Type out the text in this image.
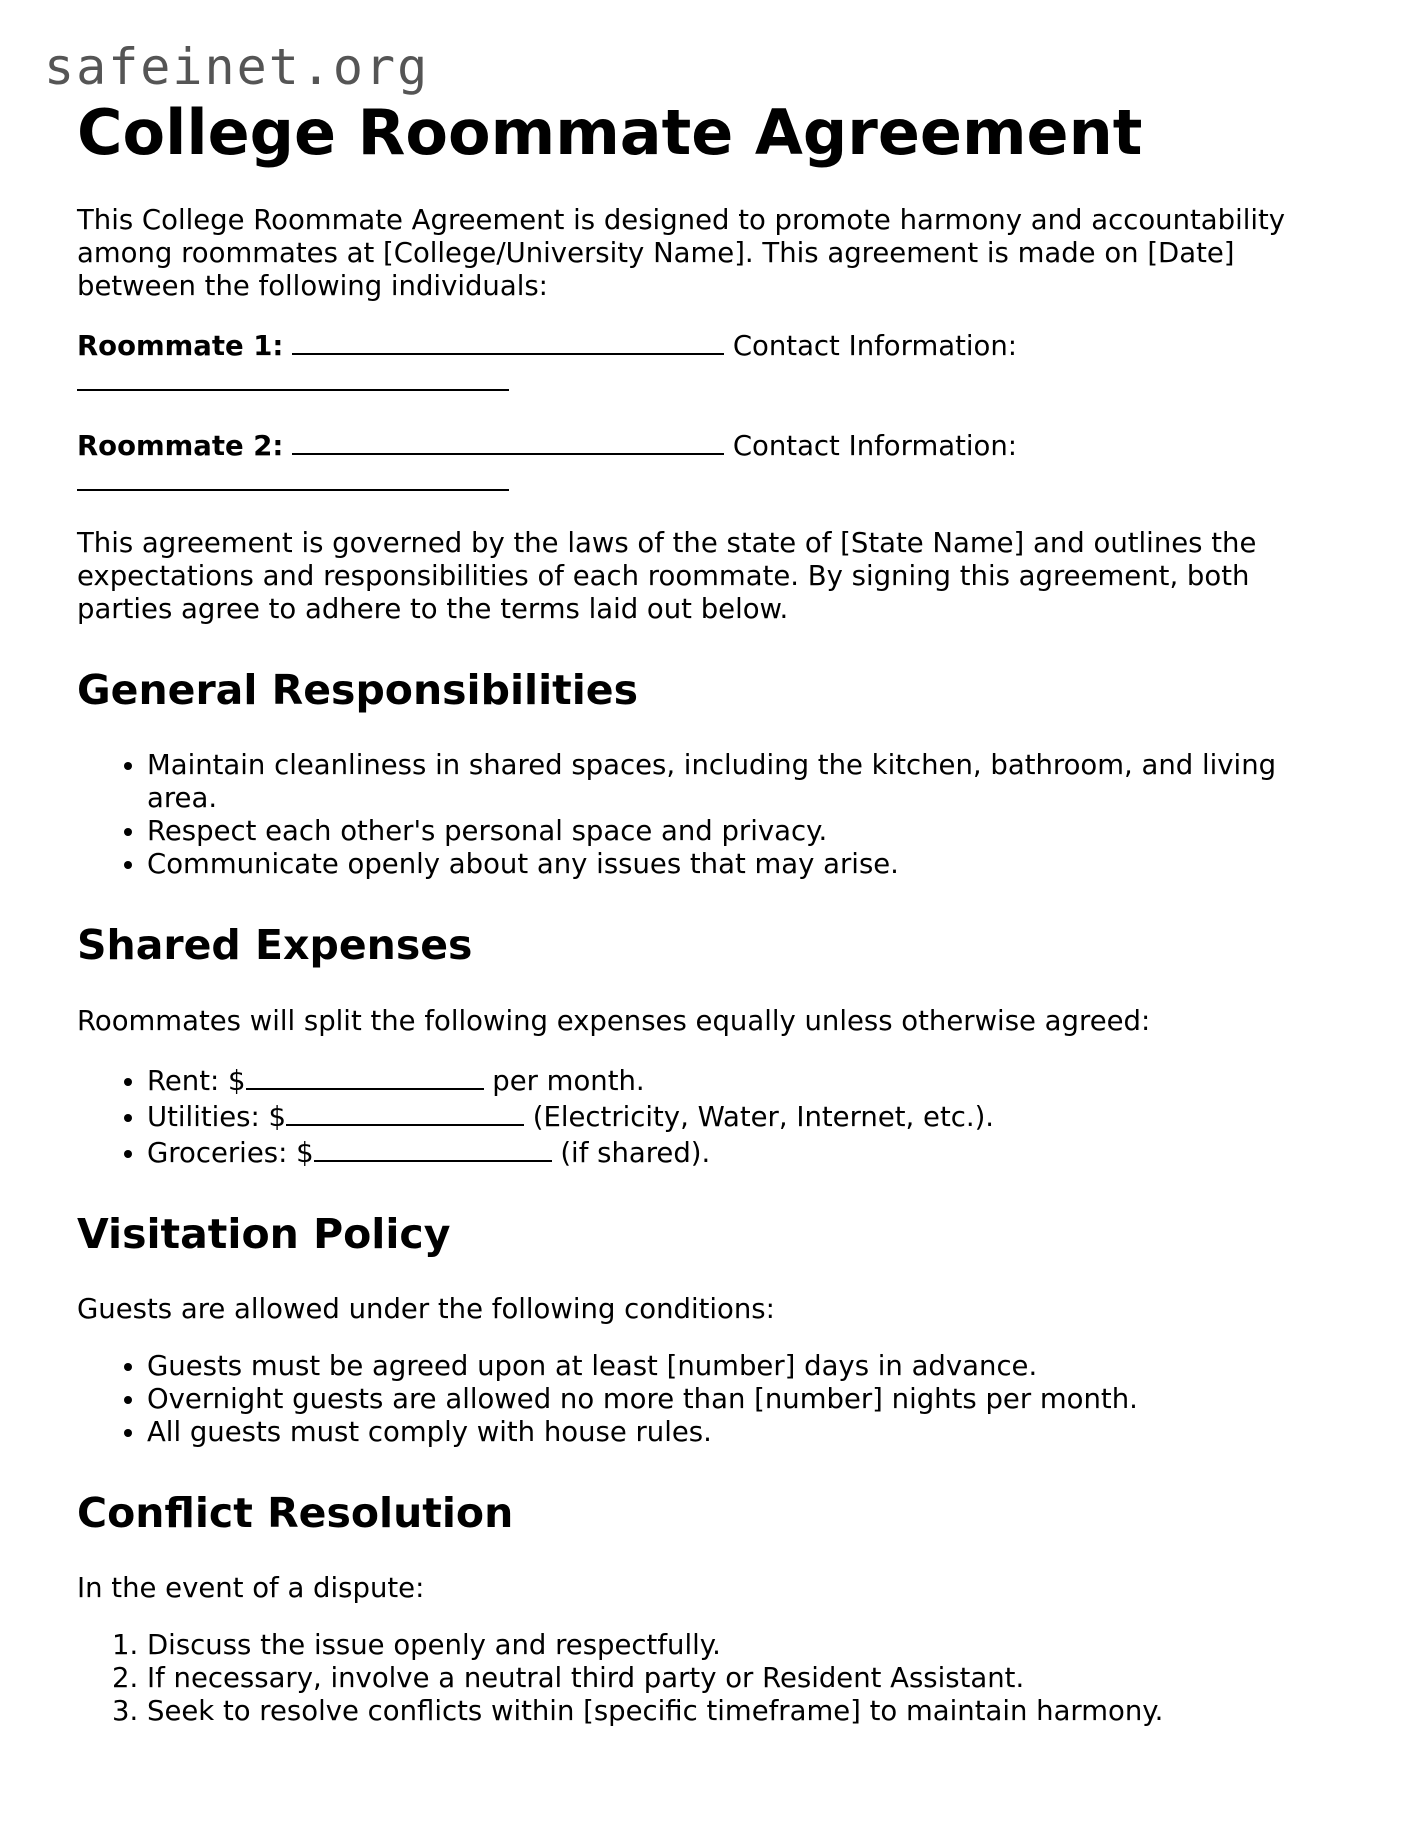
safeinet.org
College Roommate Agreement

This College Roommate Agreement is designed to promote harmony and accountability among roommates at [College/University Name]. This agreement is made on [Date] between the following individuals:

Roommate 1:	Contact Information:

Roommate 2:	Contact Information:

This agreement is governed by the laws of the state of [State Name] and outlines the expectations and responsibilities of each roommate. By signing this agreement, both parties agree to adhere to the terms laid out below.

General Responsibilities
• Maintain cleanliness in shared spaces, including the kitchen, bathroom, and living area.
• Respect each other's personal space and privacy.
• Communicate openly about any issues that may arise.
Shared Expenses

Roommates will split the following expenses equally unless otherwise agreed:

• Rent: $	per month.
• Utilities: $	(Electricity, Water, Internet, etc.).
• Groceries: $	(if shared).
Visitation Policy

Guests are allowed under the following conditions:

• Guests must be agreed upon at least [number] days in advance.
• Overnight guests are allowed no more than [number] nights per month.
• All guests must comply with house rules.
Conflict Resolution

In the event of a dispute:

1. Discuss the issue openly and respectfully.
2. If necessary, involve a neutral third party or Resident Assistant.
3. Seek to resolve conflicts within [specific timeframe] to maintain harmony.
